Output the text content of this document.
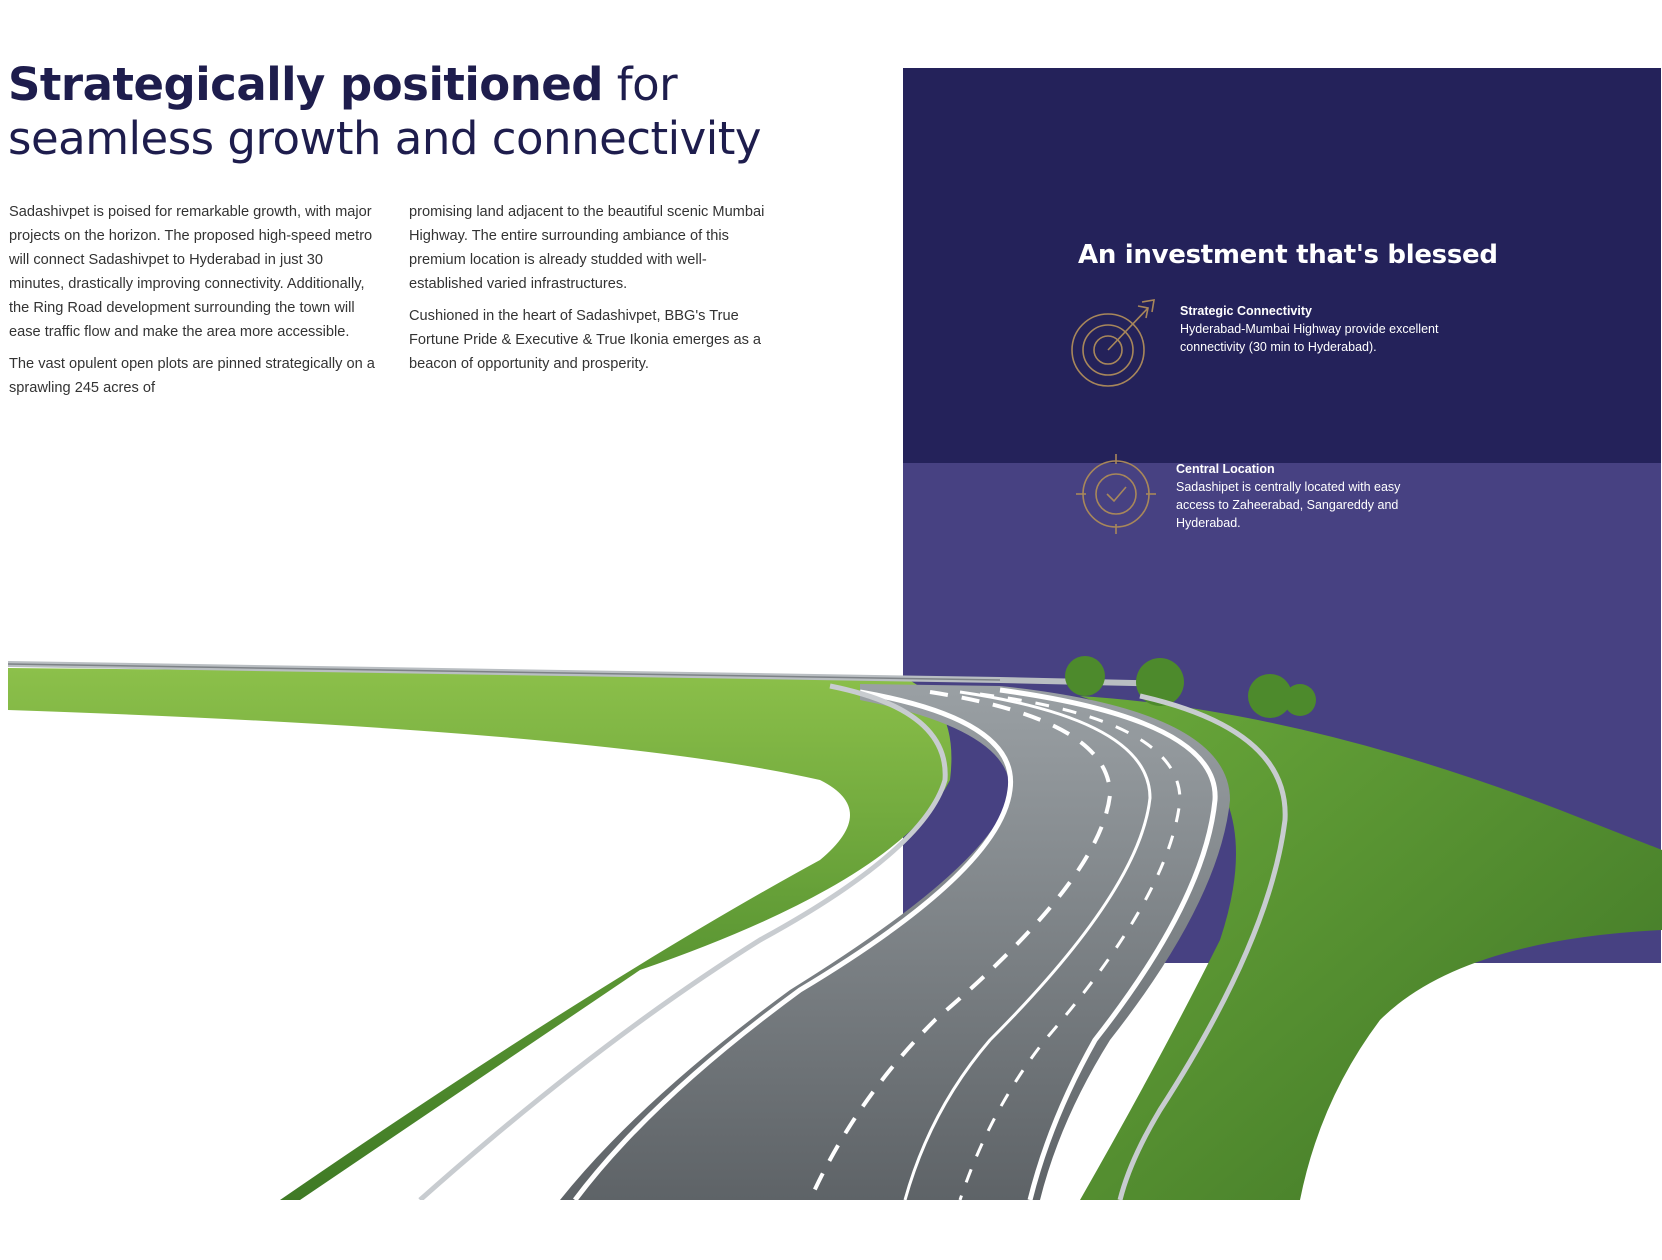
Strategically positioned for
seamless growth and connectivity

Sadashivpet is poised for remarkable growth, with major projects on the horizon. The proposed high-speed metro will connect Sadashivpet to Hyderabad in just 30 minutes, drastically improving connectivity. Additionally, the Ring Road development surrounding the town will ease traffic flow and make the area more accessible.

The vast opulent open plots are pinned strategically on a sprawling 245 acres of

promising land adjacent to the beautiful scenic Mumbai Highway. The entire surrounding ambiance of this premium location is already studded with well-established varied infrastructures.

Cushioned in the heart of Sadashivpet, BBG's True Fortune Pride & Executive & True Ikonia emerges as a beacon of opportunity and prosperity.

An investment that's blessed
Strategic Connectivity
Hyderabad-Mumbai Highway provide excellent connectivity (30 min to Hyderabad).
Central Location
Sadashipet is centrally located with easy access to Zaheerabad, Sangareddy and Hyderabad.
